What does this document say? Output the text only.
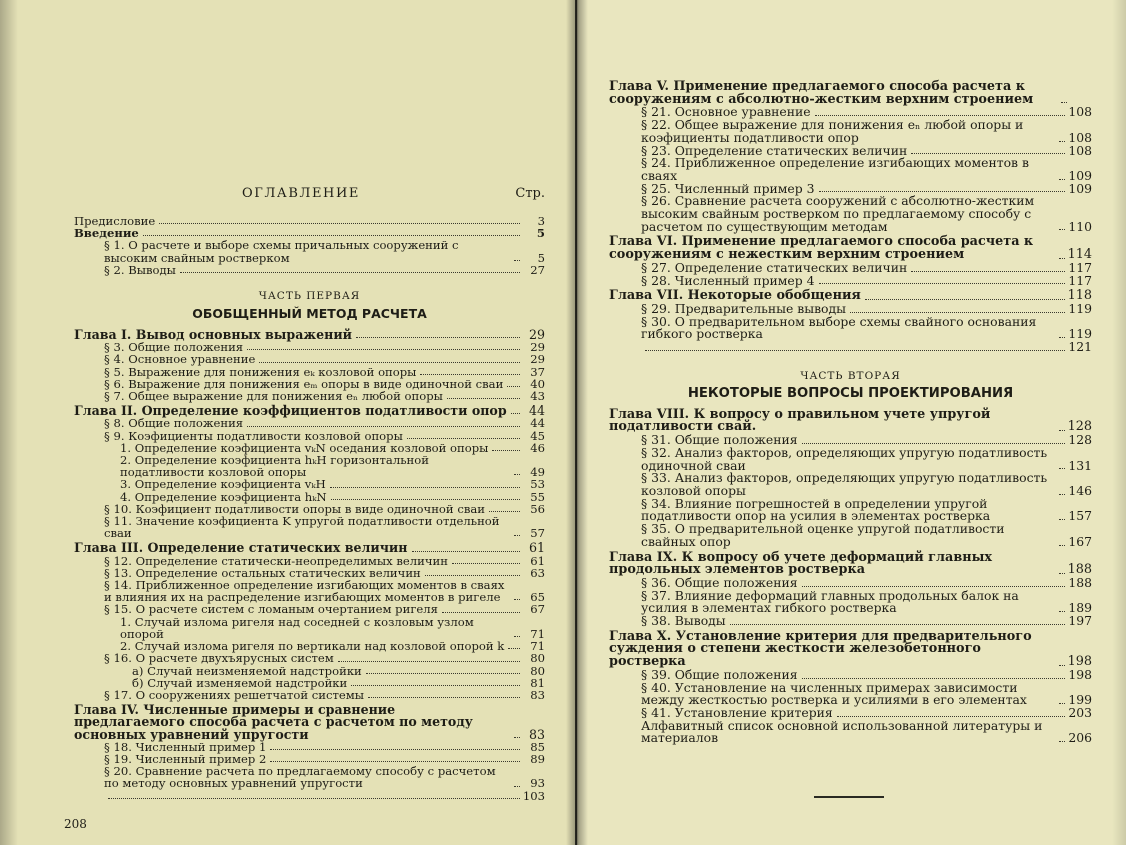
ОГЛАВЛЕНИЕ	Стр.
Предисловие	3
Введение	5
§ 1. О расчете и выборе схемы причальных сооружений с высоким свайным ростверком	5
§ 2. Выводы	27
ЧАСТЬ ПЕРВАЯ
ОБОБЩЕННЫЙ МЕТОД РАСЧЕТА
Глава I. Вывод основных выражений	29
§ 3. Общие положения	29
§ 4. Основное уравнение	29
§ 5. Выражение для понижения eₖ козловой опоры	37
§ 6. Выражение для понижения eₘ опоры в виде одиночной сваи	40
§ 7. Общее выражение для понижения eₙ любой опоры	43
Глава II. Определение коэффициентов податливости опор	44
§ 8. Общие положения	44
§ 9. Коэфициенты податливости козловой опоры	45
1. Определение коэфициента vₖN оседания козловой опоры	46
2. Определение коэфициента hₖH горизонтальной податливости козловой опоры	49
3. Определение коэфициента vₖH	53
4. Определение коэфициента hₖN	55
§ 10. Коэфициент податливости опоры в виде одиночной сваи	56
§ 11. Значение коэфициента K упругой податливости отдельной сваи	57
Глава III. Определение статических величин	61
§ 12. Определение статически-неопределимых величин	61
§ 13. Определение остальных статических величин	63
§ 14. Приближенное определение изгибающих моментов в сваях и влияния их на распределение изгибающих моментов в ригеле	65
§ 15. О расчете систем с ломаным очертанием ригеля	67
1. Случай излома ригеля над соседней с козловым узлом опорой	71
2. Случай излома ригеля по вертикали над козловой опорой k	71
§ 16. О расчете двухъярусных систем	80
а) Случай неизменяемой надстройки	80
б) Случай изменяемой надстройки	81
§ 17. О сооружениях решетчатой системы	83
Глава IV. Численные примеры и сравнение предлагаемого способа расчета с расчетом по методу основных уравнений упругости	83
§ 18. Численный пример 1	85
§ 19. Численный пример 2	89
§ 20. Сравнение расчета по предлагаемому способу с расчетом по методу основных уравнений упругости	93
103
208
Глава V. Применение предлагаемого способа расчета к сооружениям с абсолютно-жестким верхним строением
§ 21. Основное уравнение	108
§ 22. Общее выражение для понижения eₙ любой опоры и коэфициенты податливости опор	108
§ 23. Определение статических величин	108
§ 24. Приближенное определение изгибающих моментов в сваях	109
§ 25. Численный пример 3	109
§ 26. Сравнение расчета сооружений с абсолютно-жестким высоким свайным ростверком по предлагаемому способу с расчетом по существующим методам	110
Глава VI. Применение предлагаемого способа расчета к сооружениям с нежестким верхним строением	114
§ 27. Определение статических величин	117
§ 28. Численный пример 4	117
Глава VII. Некоторые обобщения	118
§ 29. Предварительные выводы	119
§ 30. О предварительном выборе схемы свайного основания гибкого ростверка	119
121
ЧАСТЬ ВТОРАЯ
НЕКОТОРЫЕ ВОПРОСЫ ПРОЕКТИРОВАНИЯ
Глава VIII. К вопросу о правильном учете упругой податливости свай.	128
§ 31. Общие положения	128
§ 32. Анализ факторов, определяющих упругую податливость одиночной сваи	131
§ 33. Анализ факторов, определяющих упругую податливость козловой опоры	146
§ 34. Влияние погрешностей в определении упругой податливости опор на усилия в элементах ростверка	157
§ 35. О предварительной оценке упругой податливости свайных опор	167
Глава IX. К вопросу об учете деформаций главных продольных элементов ростверка	188
§ 36. Общие положения	188
§ 37. Влияние деформаций главных продольных балок на усилия в элементах гибкого ростверка	189
§ 38. Выводы	197
Глава X. Установление критерия для предварительного суждения о степени жесткости железобетонного ростверка	198
§ 39. Общие положения	198
§ 40. Установление на численных примерах зависимости между жесткостью ростверка и усилиями в его элементах	199
§ 41. Установление критерия	203
Алфавитный список основной использованной литературы и материалов	206
